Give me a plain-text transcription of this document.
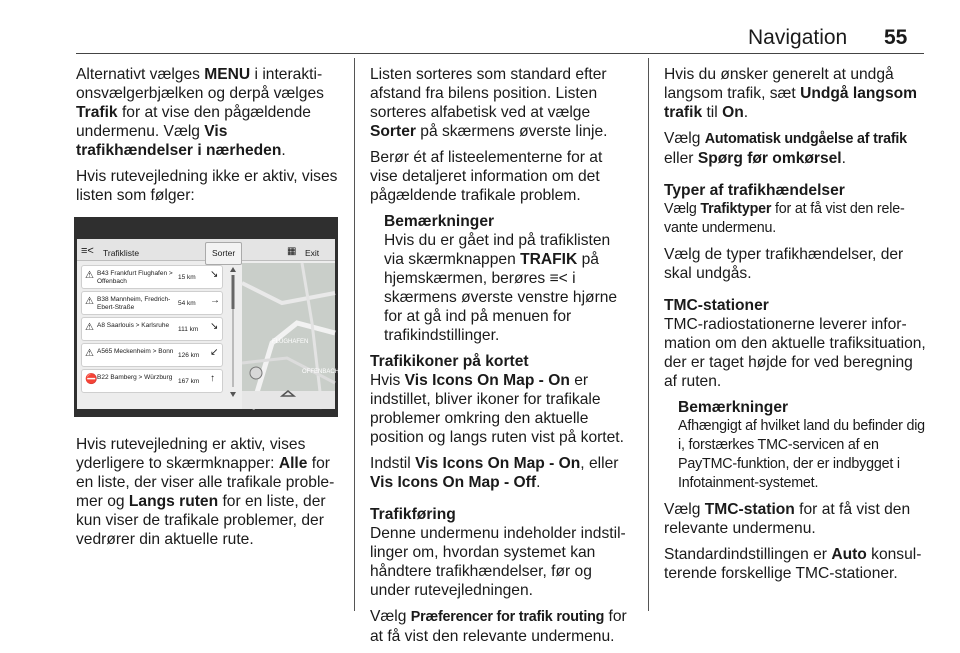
Navigation 55
Alternativt vælges MENU i interaktionsvælgerbjælken og derpå vælges Trafik for at vise den pågældende undermenu. Vælg Vis trafikhændelser i nærheden.
Hvis rutevejledning ikke er aktiv, vises listen som følger:
≡˂ Trafikliste	Sorter	▦ Exit
⚠ B43 Frankfurt Flughafen > Offenbach
15 km ↘
⚠ B38 Mannheim, Fredrich-Ebert-Straße
54 km →
⚠ A8 Saarlouis > Karlsruhe
111 km ↘
⚠ A565 Meckenheim > Bonn
126 km ↙
⛔ B22 Bamberg > Würzburg
167 km ↑
FLÜGHAFEN
OFFENBACH
Hvis rutevejledning er aktiv, vises yderligere to skærmknapper: Alle for en liste, der viser alle trafikale problemer og Langs ruten for en liste, der kun viser de trafikale problemer, der vedrører din aktuelle rute.
Listen sorteres som standard efter afstand fra bilens position. Listen sorteres alfabetisk ved at vælge Sorter på skærmens øverste linje.
Berør ét af listeelementerne for at vise detaljeret information om det pågældende trafikale problem.
Bemærkninger
Hvis du er gået ind på trafiklisten via skærmknappen TRAFIK på hjemskærmen, berøres ≡˂ i skærmens øverste venstre hjørne for at gå ind på menuen for trafikindstillinger.
Trafikikoner på kortet
Hvis Vis Icons On Map - On er indstillet, bliver ikoner for trafikale problemer omkring den aktuelle position og langs ruten vist på kortet.
Indstil Vis Icons On Map - On, eller Vis Icons On Map - Off.
Trafikføring
Denne undermenu indeholder indstillinger om, hvordan systemet kan håndtere trafikhændelser, før og under rutevejledningen.
Vælg Præferencer for trafik routing for at få vist den relevante undermenu.
Hvis du ønsker generelt at undgå langsom trafik, sæt Undgå langsom trafik til On.
Vælg Automatisk undgåelse af trafik eller Spørg før omkørsel.
Typer af trafikhændelser
Vælg Trafiktyper for at få vist den relevante undermenu.
Vælg de typer trafikhændelser, der skal undgås.
TMC-stationer
TMC-radiostationerne leverer information om den aktuelle trafiksituation, der er taget højde for ved beregning af ruten.
Bemærkninger
Afhængigt af hvilket land du befinder dig i, forstærkes TMC-servicen af en PayTMC-funktion, der er indbygget i Infotainment-systemet.
Vælg TMC-station for at få vist den relevante undermenu.
Standardindstillingen er Auto konsulterende forskellige TMC-stationer.
